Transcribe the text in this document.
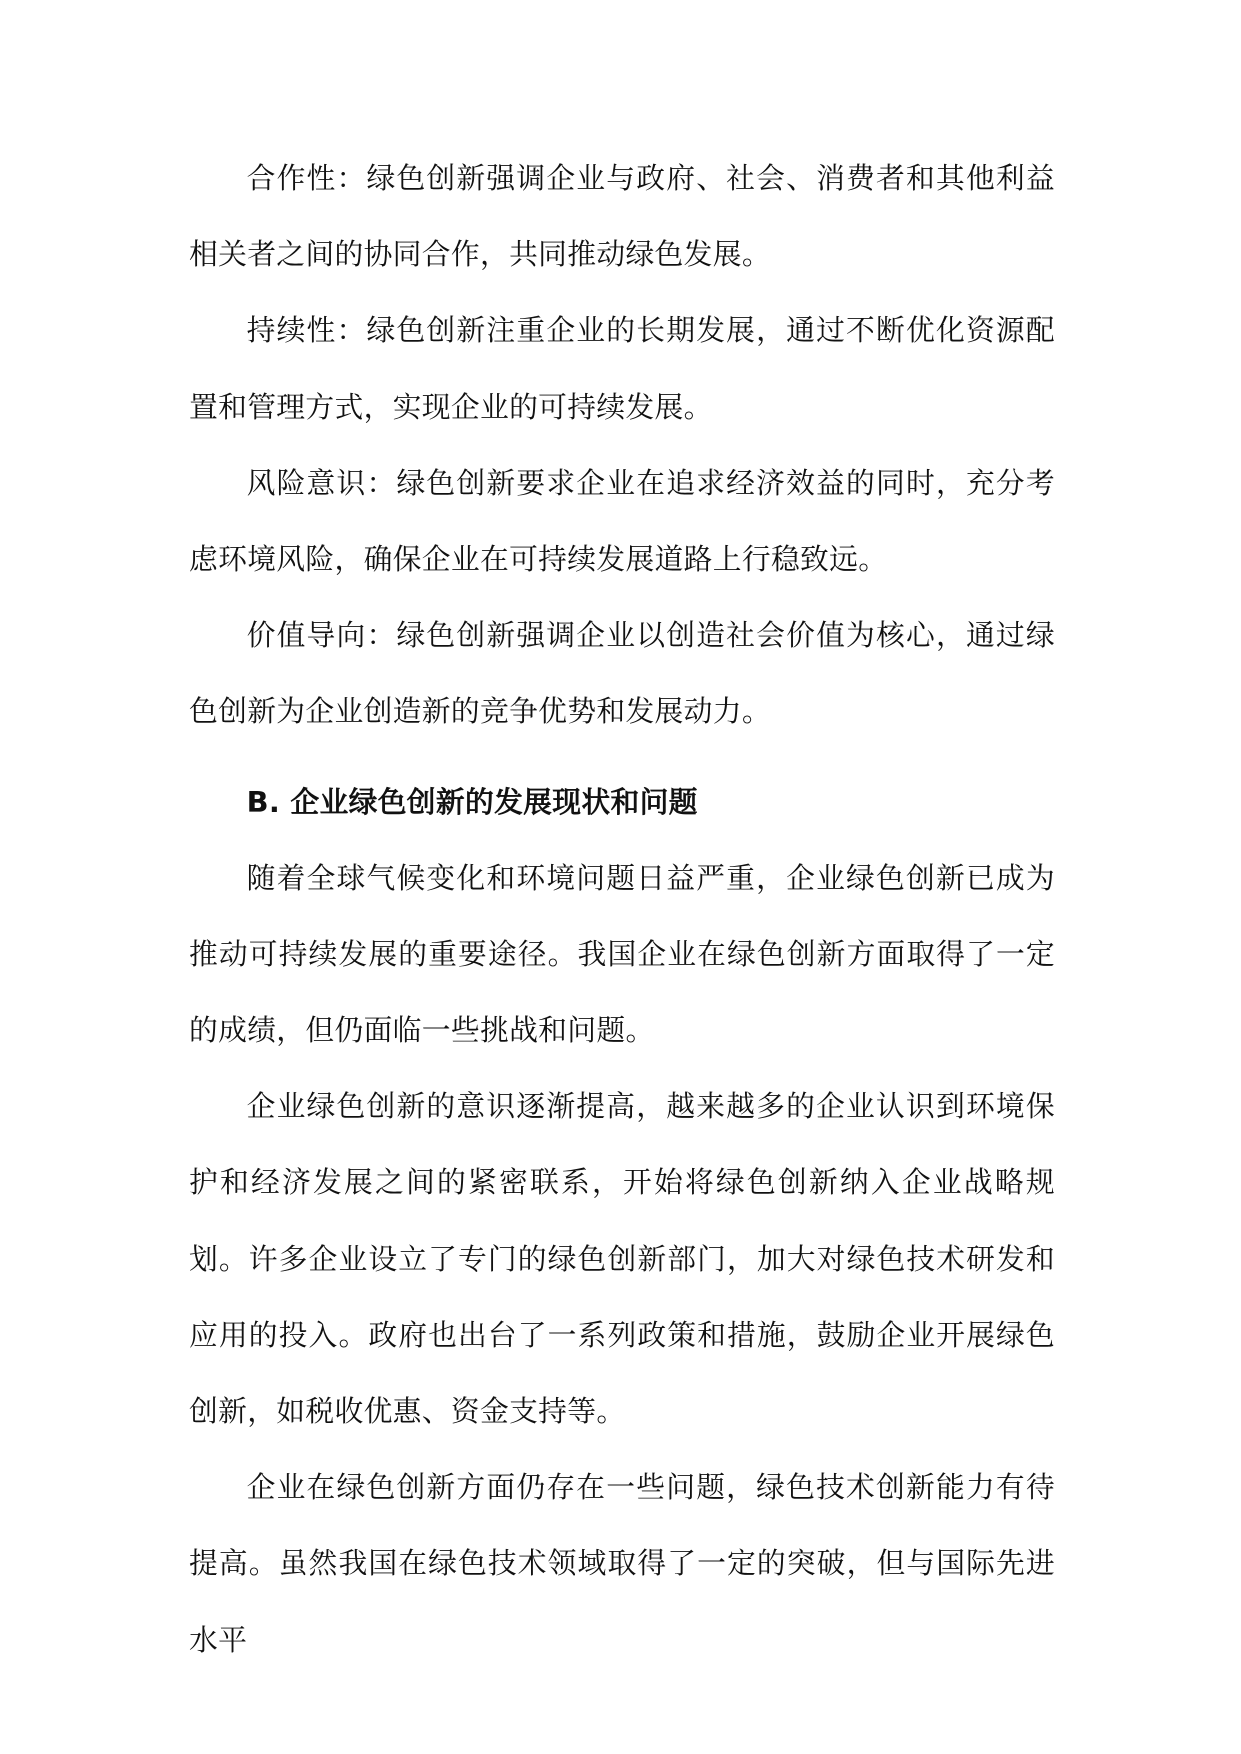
合作性：绿色创新强调企业与政府、社会、消费者和其他利益相关者之间的协同合作，共同推动绿色发展。

持续性：绿色创新注重企业的长期发展，通过不断优化资源配置和管理方式，实现企业的可持续发展。

风险意识：绿色创新要求企业在追求经济效益的同时，充分考虑环境风险，确保企业在可持续发展道路上行稳致远。

价值导向：绿色创新强调企业以创造社会价值为核心，通过绿色创新为企业创造新的竞争优势和发展动力。

B. 企业绿色创新的发展现状和问题

随着全球气候变化和环境问题日益严重，企业绿色创新已成为推动可持续发展的重要途径。我国企业在绿色创新方面取得了一定的成绩，但仍面临一些挑战和问题。

企业绿色创新的意识逐渐提高，越来越多的企业认识到环境保护和经济发展之间的紧密联系，开始将绿色创新纳入企业战略规划。许多企业设立了专门的绿色创新部门，加大对绿色技术研发和应用的投入。政府也出台了一系列政策和措施，鼓励企业开展绿色创新，如税收优惠、资金支持等。

企业在绿色创新方面仍存在一些问题，绿色技术创新能力有待提高。虽然我国在绿色技术领域取得了一定的突破，但与国际先进水平
